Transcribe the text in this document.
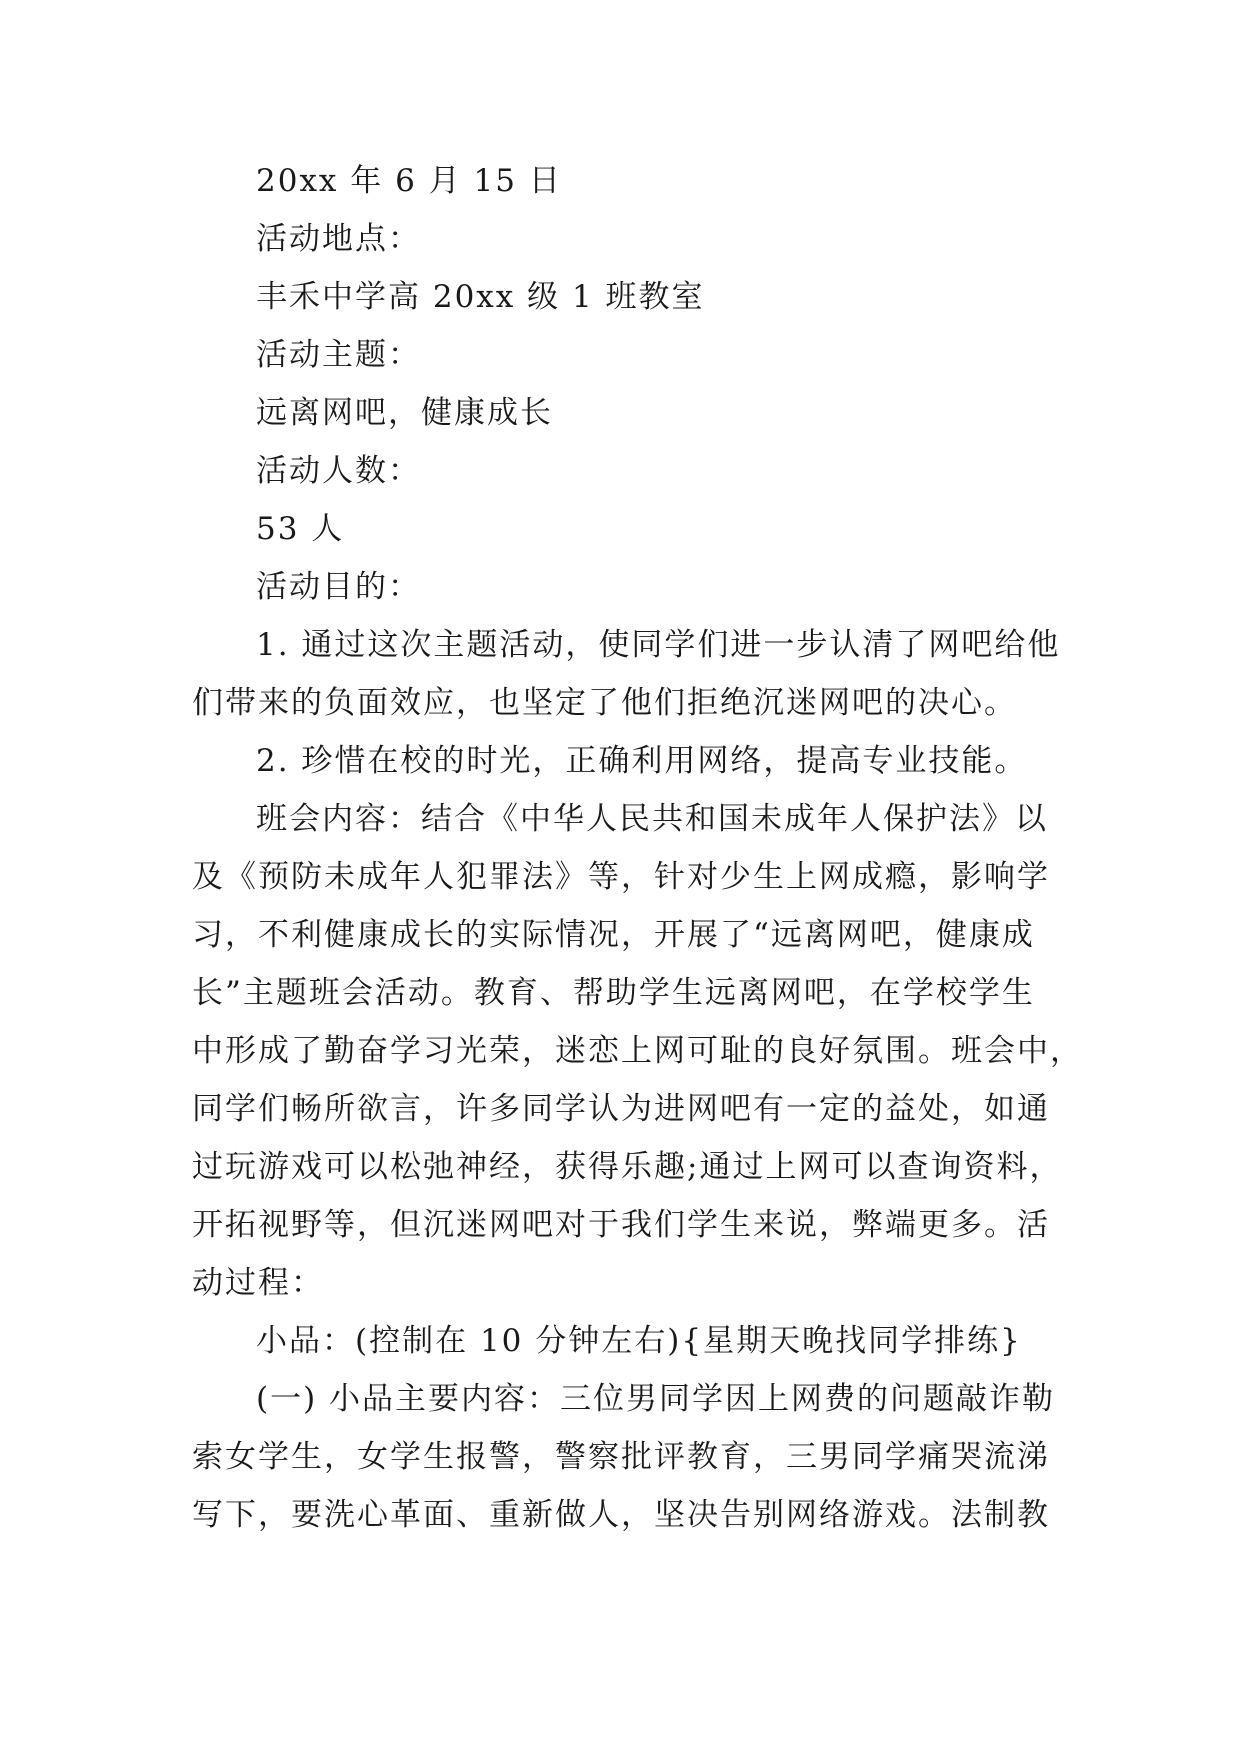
20xx 年 6 月 15 日
活动地点：
丰禾中学高 20xx 级 1 班教室
活动主题：
远离网吧，健康成长
活动人数：
53 人
活动目的：
1. 通过这次主题活动，使同学们进一步认清了网吧给他
们带来的负面效应，也坚定了他们拒绝沉迷网吧的决心。
2. 珍惜在校的时光，正确利用网络，提高专业技能。
班会内容：结合《中华人民共和国未成年人保护法》以
及《预防未成年人犯罪法》等，针对少生上网成瘾，影响学
习，不利健康成长的实际情况，开展了“远离网吧，健康成
长”主题班会活动。教育、帮助学生远离网吧，在学校学生
中形成了勤奋学习光荣，迷恋上网可耻的良好氛围。班会中，
同学们畅所欲言，许多同学认为进网吧有一定的益处，如通
过玩游戏可以松弛神经，获得乐趣;通过上网可以查询资料，
开拓视野等，但沉迷网吧对于我们学生来说，弊端更多。活
动过程：
小品：(控制在 10 分钟左右){星期天晚找同学排练}
(一) 小品主要内容：三位男同学因上网费的问题敲诈勒
索女学生，女学生报警，警察批评教育，三男同学痛哭流涕
写下，要洗心革面、重新做人，坚决告别网络游戏。法制教
